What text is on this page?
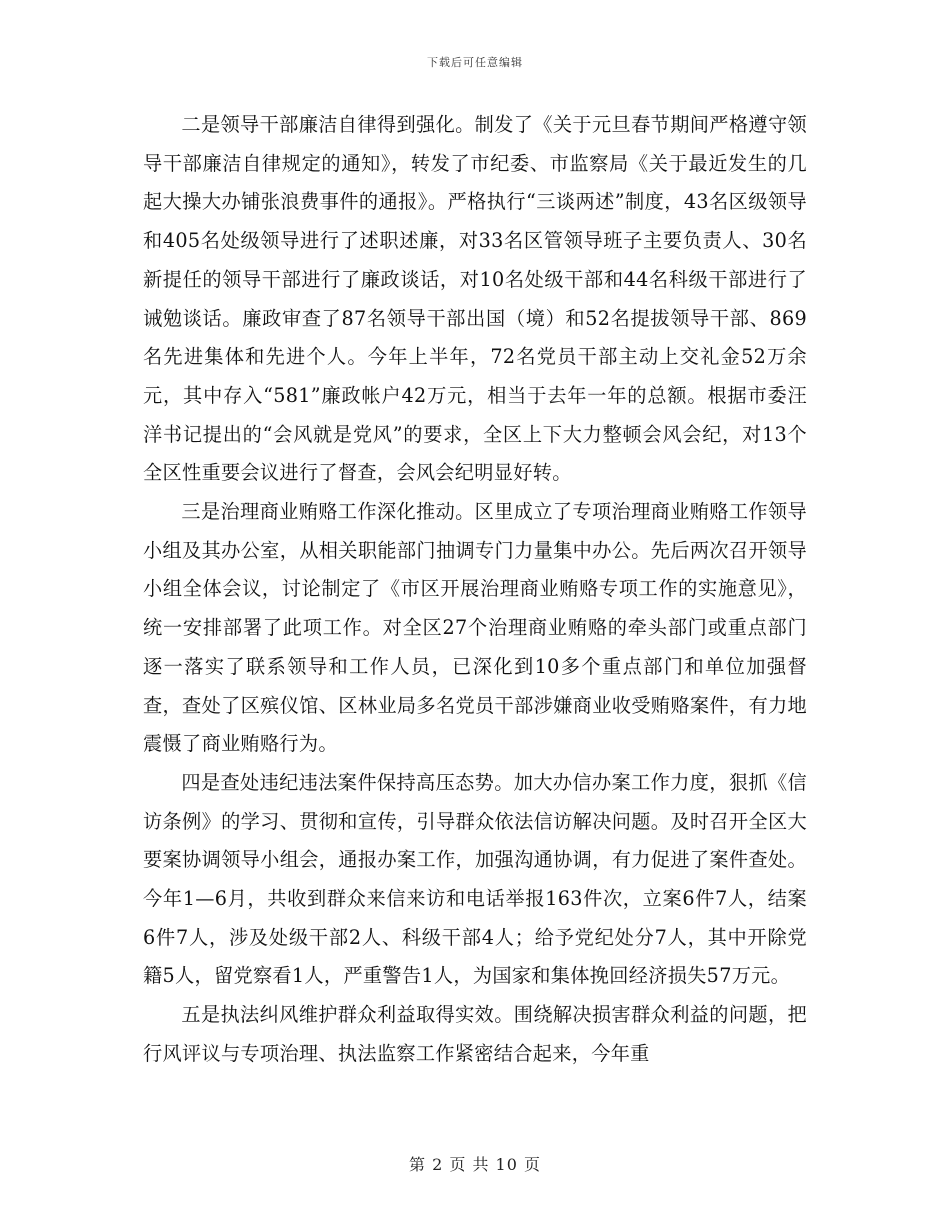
下载后可任意编辑

二是领导干部廉洁自律得到强化。制发了《关于元旦春节期间严格遵守领导干部廉洁自律规定的通知》，转发了市纪委、市监察局《关于最近发生的几起大操大办铺张浪费事件的通报》。严格执行“三谈两述”制度，43名区级领导和405名处级领导进行了述职述廉，对33名区管领导班子主要负责人、30名新提任的领导干部进行了廉政谈话，对10名处级干部和44名科级干部进行了诫勉谈话。廉政审查了87名领导干部出国（境）和52名提拔领导干部、869名先进集体和先进个人。今年上半年，72名党员干部主动上交礼金52万余元，其中存入“581”廉政帐户42万元，相当于去年一年的总额。根据市委汪洋书记提出的“会风就是党风”的要求，全区上下大力整顿会风会纪，对13个全区性重要会议进行了督查，会风会纪明显好转。

三是治理商业贿赂工作深化推动。区里成立了专项治理商业贿赂工作领导小组及其办公室，从相关职能部门抽调专门力量集中办公。先后两次召开领导小组全体会议，讨论制定了《市区开展治理商业贿赂专项工作的实施意见》，统一安排部署了此项工作。对全区27个治理商业贿赂的牵头部门或重点部门逐一落实了联系领导和工作人员，已深化到10多个重点部门和单位加强督查，查处了区殡仪馆、区林业局多名党员干部涉嫌商业收受贿赂案件，有力地震慑了商业贿赂行为。

四是查处违纪违法案件保持高压态势。加大办信办案工作力度，狠抓《信访条例》的学习、贯彻和宣传，引导群众依法信访解决问题。及时召开全区大要案协调领导小组会，通报办案工作，加强沟通协调，有力促进了案件查处。今年1—6月，共收到群众来信来访和电话举报163件次，立案6件7人，结案6件7人，涉及处级干部2人、科级干部4人；给予党纪处分7人，其中开除党籍5人，留党察看1人，严重警告1人，为国家和集体挽回经济损失57万元。

五是执法纠风维护群众利益取得实效。围绕解决损害群众利益的问题，把行风评议与专项治理、执法监察工作紧密结合起来，今年重

第 2 页 共 10 页
